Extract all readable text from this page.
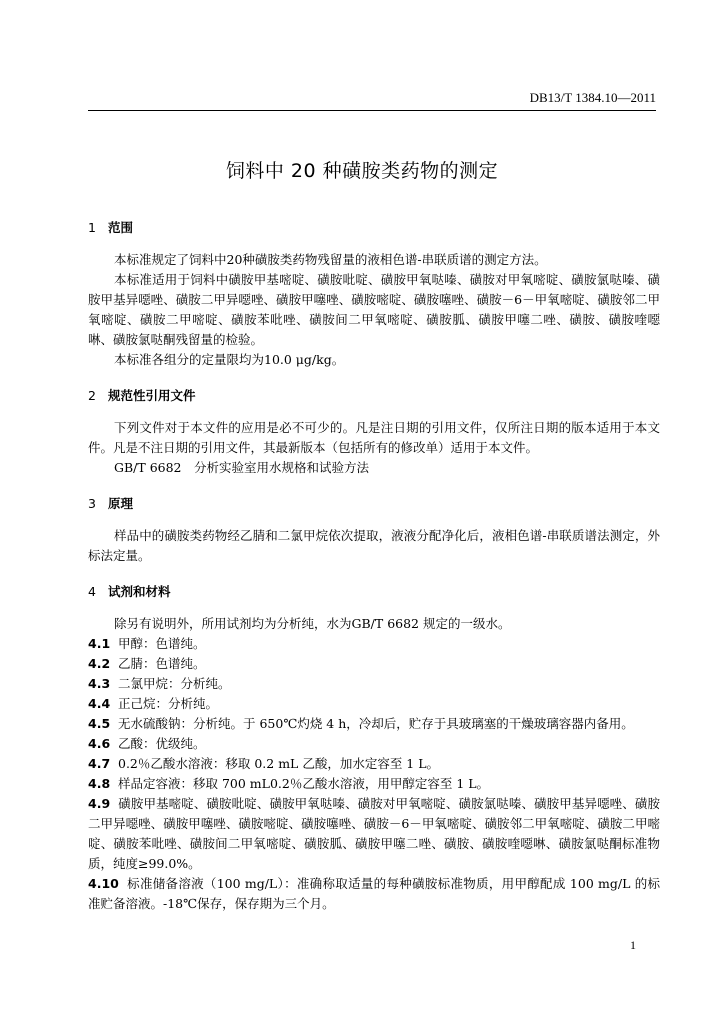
DB13/T 1384.10—2011
饲料中 20 种磺胺类药物的测定
1 范围

本标准规定了饲料中20种磺胺类药物残留量的液相色谱-串联质谱的测定方法。

本标准适用于饲料中磺胺甲基嘧啶、磺胺吡啶、磺胺甲氧哒嗪、磺胺对甲氧嘧啶、磺胺氯哒嗪、磺胺甲基异噁唑、磺胺二甲异噁唑、磺胺甲噻唑、磺胺嘧啶、磺胺噻唑、磺胺－6－甲氧嘧啶、磺胺邻二甲氧嘧啶、磺胺二甲嘧啶、磺胺苯吡唑、磺胺间二甲氧嘧啶、磺胺胍、磺胺甲噻二唑、磺胺、磺胺喹噁啉、磺胺氯哒酮残留量的检验。

本标准各组分的定量限均为10.0 μg/kg。

2 规范性引用文件

下列文件对于本文件的应用是必不可少的。凡是注日期的引用文件，仅所注日期的版本适用于本文件。凡是不注日期的引用文件，其最新版本（包括所有的修改单）适用于本文件。

GB/T 6682　分析实验室用水规格和试验方法

3 原理

样品中的磺胺类药物经乙腈和二氯甲烷依次提取，液液分配净化后，液相色谱-串联质谱法测定，外标法定量。

4 试剂和材料

除另有说明外，所用试剂均为分析纯，水为GB/T 6682 规定的一级水。

4.1 甲醇：色谱纯。
4.2 乙腈：色谱纯。
4.3 二氯甲烷：分析纯。
4.4 正己烷：分析纯。
4.5 无水硫酸钠：分析纯。于 650℃灼烧 4 h，冷却后，贮存于具玻璃塞的干燥玻璃容器内备用。
4.6 乙酸：优级纯。
4.7 0.2％乙酸水溶液：移取 0.2 mL 乙酸，加水定容至 1 L。
4.8 样品定容液：移取 700 mL0.2％乙酸水溶液，用甲醇定容至 1 L。

4.9 磺胺甲基嘧啶、磺胺吡啶、磺胺甲氧哒嗪、磺胺对甲氧嘧啶、磺胺氯哒嗪、磺胺甲基异噁唑、磺胺二甲异噁唑、磺胺甲噻唑、磺胺嘧啶、磺胺噻唑、磺胺－6－甲氧嘧啶、磺胺邻二甲氧嘧啶、磺胺二甲嘧啶、磺胺苯吡唑、磺胺间二甲氧嘧啶、磺胺胍、磺胺甲噻二唑、磺胺、磺胺喹噁啉、磺胺氯哒酮标准物质，纯度≥99.0%。

4.10 标准储备溶液（100 mg/L）：准确称取适量的每种磺胺标准物质，用甲醇配成 100 mg/L 的标准贮备溶液。-18℃保存，保存期为三个月。

1
